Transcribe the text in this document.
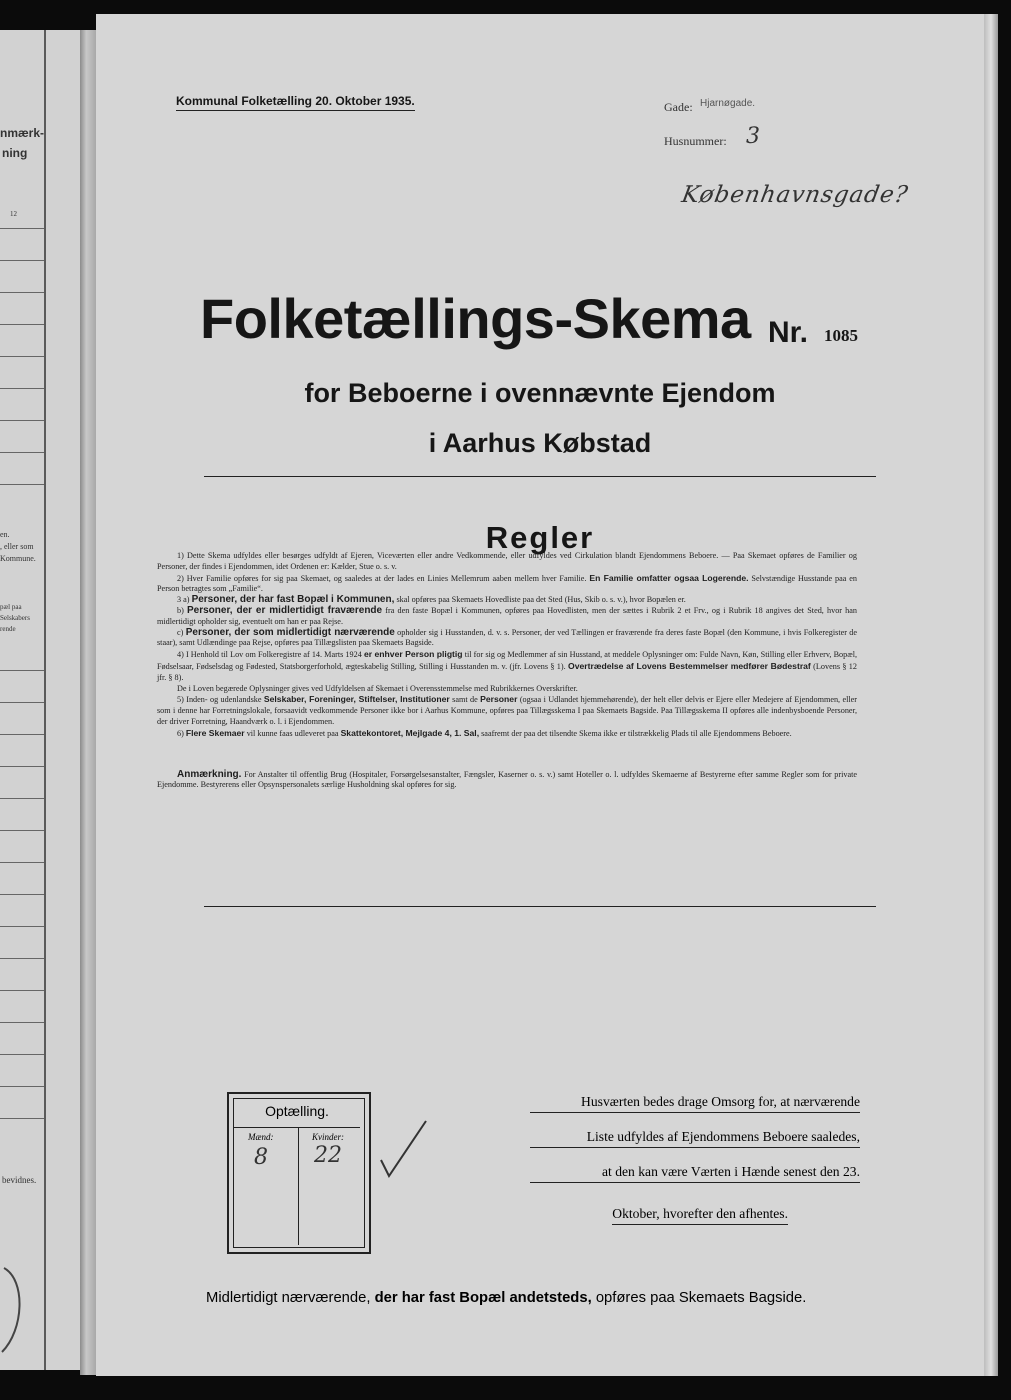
nmærk-
ning
12
en.
, eller som
Kommune.
pæl paa
Selskabers
rende
bevidnes.
Kommunal Folketælling 20. Oktober 1935.	Gade: Hjarnøgade.
Husnummer: 3
Københavnsgade?
Folketællings-Skema Nr. 1085
for Beboerne i ovennævnte Ejendom
i Aarhus Købstad
Regler

1) Dette Skema udfyldes eller besørges udfyldt af Ejeren, Viceværten eller andre Vedkommende, eller udfyldes ved Cirkulation blandt Ejendommens Beboere. — Paa Skemaet opføres de Familier og Personer, der findes i Ejendommen, idet Ordenen er: Kælder, Stue o. s. v.

2) Hver Familie opføres for sig paa Skemaet, og saaledes at der lades en Linies Mellemrum aaben mellem hver Familie. En Familie omfatter ogsaa Logerende. Selvstændige Husstande paa en Person betragtes som „Familie“.

3 a) Personer, der har fast Bopæl i Kommunen, skal opføres paa Skemaets Hovedliste paa det Sted (Hus, Skib o. s. v.), hvor Bopælen er.

b) Personer, der er midlertidigt fraværende fra den faste Bopæl i Kommunen, opføres paa Hovedlisten, men der sættes i Rubrik 2 et Frv., og i Rubrik 18 angives det Sted, hvor han midlertidigt opholder sig, eventuelt om han er paa Rejse.

c) Personer, der som midlertidigt nærværende opholder sig i Husstanden, d. v. s. Personer, der ved Tællingen er fraværende fra deres faste Bopæl (den Kommune, i hvis Folkeregister de staar), samt Udlændinge paa Rejse, opføres paa Tillægslisten paa Skemaets Bagside.

4) I Henhold til Lov om Folkeregistre af 14. Marts 1924 er enhver Person pligtig til for sig og Medlemmer af sin Husstand, at meddele Oplysninger om: Fulde Navn, Køn, Stilling eller Erhverv, Bopæl, Fødselsaar, Fødselsdag og Fødested, Statsborgerforhold, ægteskabelig Stilling, Stilling i Husstanden m. v. (jfr. Lovens § 1). Overtrædelse af Lovens Bestemmelser medfører Bødestraf (Lovens § 12 jfr. § 8).

De i Loven begærede Oplysninger gives ved Udfyldelsen af Skemaet i Overensstemmelse med Rubrikkernes Overskrifter.

5) Inden- og udenlandske Selskaber, Foreninger, Stiftelser, Institutioner samt de Personer (ogsaa i Udlandet hjemmehørende), der helt eller delvis er Ejere eller Medejere af Ejendommen, eller som i denne har Forretningslokale, forsaavidt vedkommende Personer ikke bor i Aarhus Kommune, opføres paa Tillægsskema I paa Skemaets Bagside. Paa Tillægsskema II opføres alle indenbysboende Personer, der driver Forretning, Haandværk o. l. i Ejendommen.

6) Flere Skemaer vil kunne faas udleveret paa Skattekontoret, Mejlgade 4, 1. Sal, saafremt der paa det tilsendte Skema ikke er tilstrækkelig Plads til alle Ejendommens Beboere.

Anmærkning. For Anstalter til offentlig Brug (Hospitaler, Forsørgelsesanstalter, Fængsler, Kaserner o. s. v.) samt Hoteller o. l. udfyldes Skemaerne af Bestyrerne efter samme Regler som for private Ejendomme. Bestyrerens eller Opsynspersonalets særlige Husholdning skal opføres for sig.

Optælling.
Mænd:	Kvinder:
8 22
Husværten bedes drage Omsorg for, at nærværende
Liste udfyldes af Ejendommens Beboere saaledes,
at den kan være Værten i Hænde senest den 23.
Oktober, hvorefter den afhentes.
Midlertidigt nærværende, der har fast Bopæl andetsteds, opføres paa Skemaets Bagside.
